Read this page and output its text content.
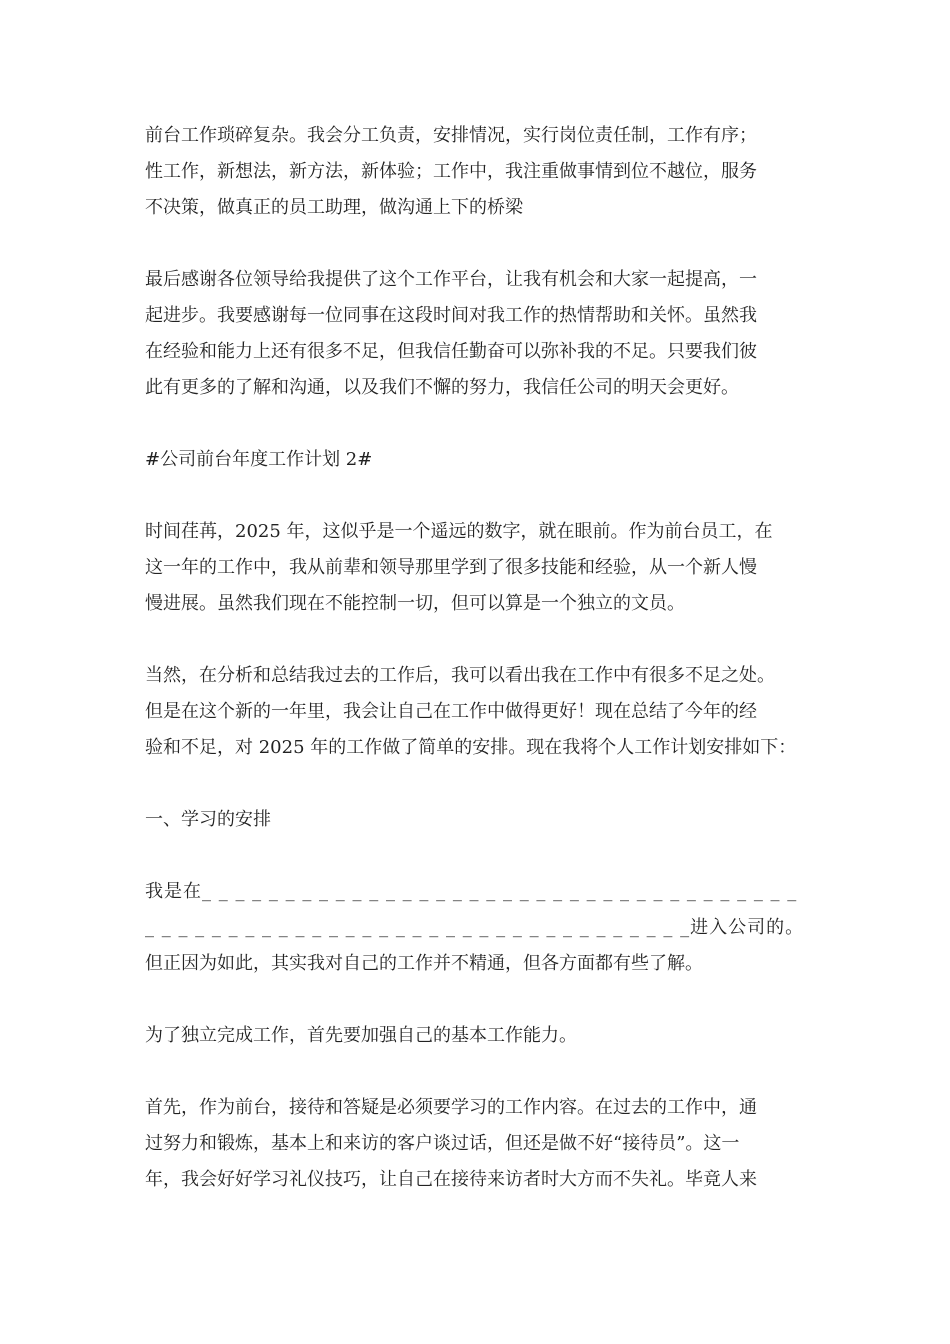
前台工作琐碎复杂。我会分工负责，安排情况，实行岗位责任制，工作有序；
性工作，新想法，新方法，新体验；工作中，我注重做事情到位不越位，服务
不决策，做真正的员工助理，做沟通上下的桥梁
最后感谢各位领导给我提供了这个工作平台，让我有机会和大家一起提高，一
起进步。我要感谢每一位同事在这段时间对我工作的热情帮助和关怀。虽然我
在经验和能力上还有很多不足，但我信任勤奋可以弥补我的不足。只要我们彼
此有更多的了解和沟通，以及我们不懈的努力，我信任公司的明天会更好。
#公司前台年度工作计划 2#
时间荏苒，2025 年，这似乎是一个遥远的数字，就在眼前。作为前台员工，在
这一年的工作中，我从前辈和领导那里学到了很多技能和经验，从一个新人慢
慢进展。虽然我们现在不能控制一切，但可以算是一个独立的文员。
当然，在分析和总结我过去的工作后，我可以看出我在工作中有很多不足之处。
但是在这个新的一年里，我会让自己在工作中做得更好！现在总结了今年的经
验和不足，对 2025 年的工作做了简单的安排。现在我将个人工作计划安排如下：
一、学习的安排
我是在_ _ _ _ _ _ _ _ _ _ _ _ _ _ _ _ _ _ _ _ _ _ _ _ _ _ _ _ _ _ _ _ _ _ _ _
_ _ _ _ _ _ _ _ _ _ _ _ _ _ _ _ _ _ _ _ _ _ _ _ _ _ _ _ _ _ _ _ _进入公司的。
但正因为如此，其实我对自己的工作并不精通，但各方面都有些了解。
为了独立完成工作，首先要加强自己的基本工作能力。
首先，作为前台，接待和答疑是必须要学习的工作内容。在过去的工作中，通
过努力和锻炼，基本上和来访的客户谈过话，但还是做不好“接待员”。这一
年，我会好好学习礼仪技巧，让自己在接待来访者时大方而不失礼。毕竟人来
